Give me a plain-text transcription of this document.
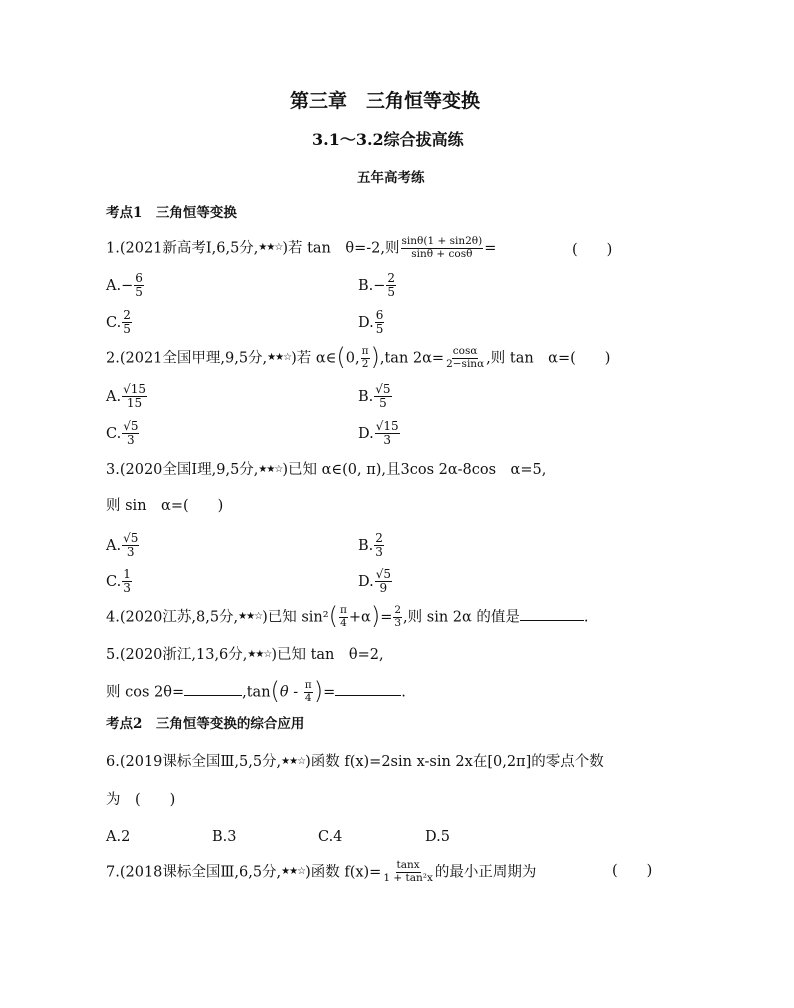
第三章　三角恒等变换
3.1～3.2综合拔高练
五年高考练
考点1　三角恒等变换
1.(2021新高考Ⅰ,6,5分,★★☆)若 tan　θ=-2,则 $\frac{\sin\theta(1 + \sin 2\theta)}{\sin\theta + \cos\theta}$ =	(　　)
$A.- \frac{6}{5}$	$B.- \frac{2}{5}$
C. $\frac{2}{5}$	D. $\frac{6}{5}$
2.(2021全国甲理,9,5分,★★☆)若 α∈(0, $\frac{\pi}{2} ),\tan$ $2\alpha= \frac{\cos\alpha}{2-\sin\alpha}$ ,则 tan　α=(　　)
A. $\frac{√15}{15}$	B. $\frac{√5}{5}$
C. $\frac{√5}{3}$	D. $\frac{√15}{3}$
3.(2020全国Ⅰ理,9,5分,★★☆)已知 α∈(0, π),且3cos 2α-8cos　α=5,
则 sin　α=(　　)
A. $\frac{√5}{3}$	B. $\frac{2}{3}$
C. $\frac{1}{3}$	D. $\frac{√5}{9}$
4.(2020江苏,8,5分,★★☆)已知 $\sin^2( \frac{\pi}{4} +\alpha)= \frac{2}{3}$ ,则 sin 2α 的值是	.
5.(2020浙江,13,6分,★★☆)已知 tan　θ=2,
则 cos 2θ=	$,\tan(\theta - \frac{\pi}{4}$ )=	.
考点2　三角恒等变换的综合应用
6.(2019课标全国Ⅲ,5,5分,★★☆)函数 f(x)=2sin x-sin 2x在[0,2π]的零点个数
为　(　　)
A.2	B.3	C.4	D.5
7.(2018课标全国Ⅲ,6,5分,★★☆)函数 $f(x)= \frac{\tan x}{\text{1 + tan²x}}$ 的最小正周期为	(　　)
